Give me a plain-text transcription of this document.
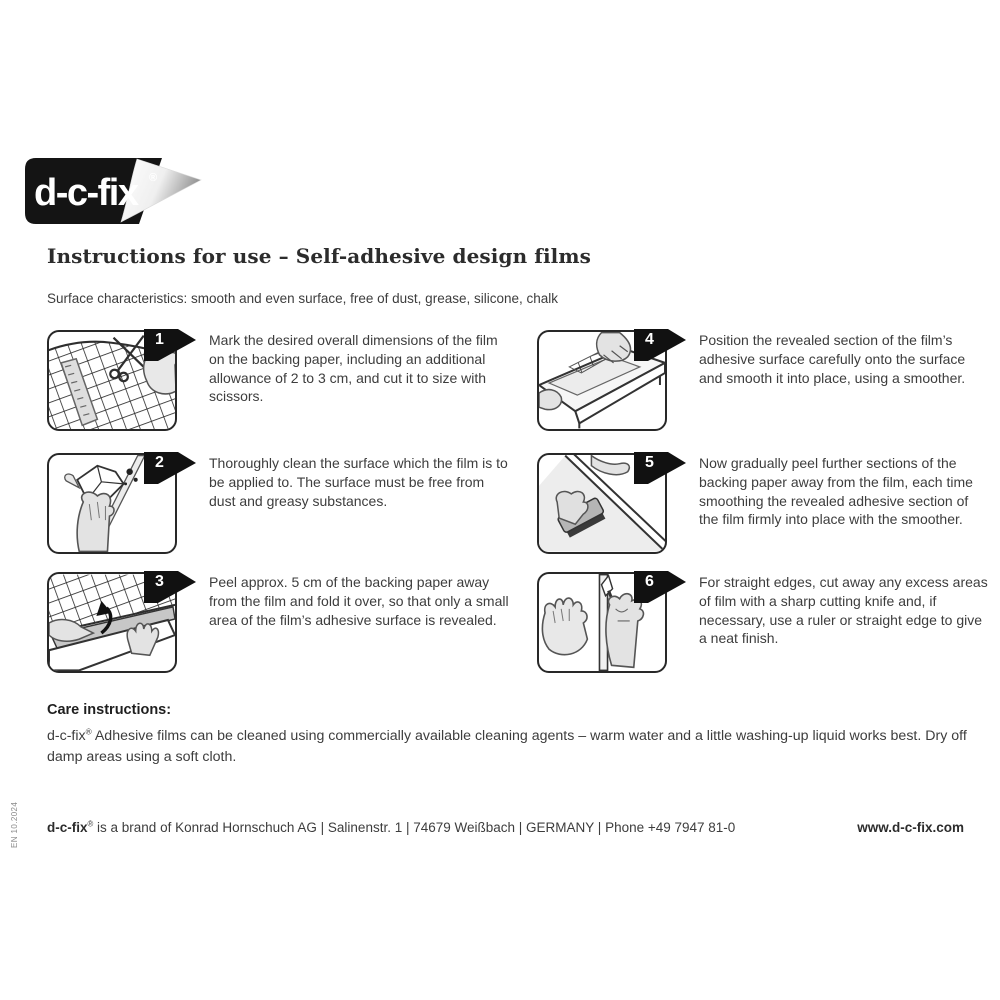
d-c-fix ®
Instructions for use – Self-adhesive design films

Surface characteristics: smooth and even surface, free of dust, grease, silicone, chalk

1	Mark the desired overall dimensions of the film on the backing paper, including an additional allowance of 2 to 3 cm, and cut it to size with scissors.

2	Thoroughly clean the surface which the film is to be applied to. The surface must be free from dust and greasy substances.

3	Peel approx. 5 cm of the backing paper away from the film and fold it over, so that only a small area of the film’s adhesive surface is revealed.

4	Position the revealed section of the film’s adhesive surface carefully onto the surface and smooth it into place, using a smoother.

5	Now gradually peel further sections of the backing paper away from the film, each time smoothing the revealed adhesive section of the film firmly into place with the smoother.

6	For straight edges, cut away any excess areas of film with a sharp cutting knife and, if necessary, use a ruler or straight edge to give a neat finish.

Care instructions:

d-c-fix® Adhesive films can be cleaned using commercially available cleaning agents – warm water and a little washing-up liquid works best. Dry off damp areas using a soft cloth.

d-c-fix® is a brand of Konrad Hornschuch AG | Salinenstr. 1 | 74679 Weißbach | GERMANY | Phone +49 7947 81-0	www.d-c-fix.com
EN 10.2024
